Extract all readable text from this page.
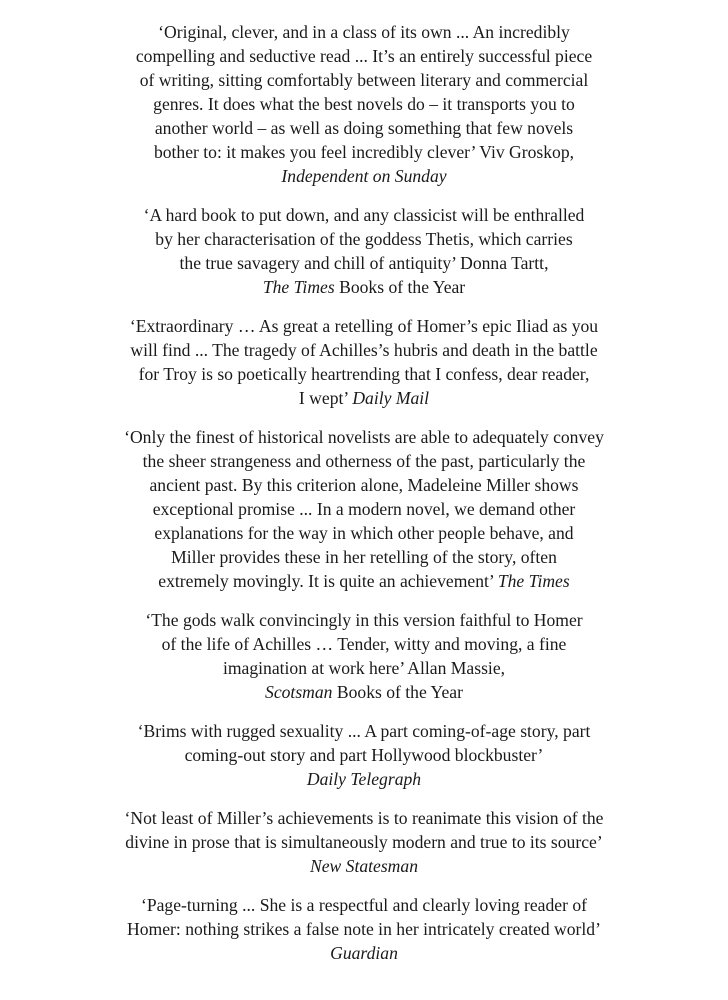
‘Original, clever, and in a class of its own ... An incredibly
compelling and seductive read ... It’s an entirely successful piece
of writing, sitting comfortably between literary and commercial
genres. It does what the best novels do – it transports you to
another world – as well as doing something that few novels
bother to: it makes you feel incredibly clever’ Viv Groskop,
Independent on Sunday
‘A hard book to put down, and any classicist will be enthralled
by her characterisation of the goddess Thetis, which carries
the true savagery and chill of antiquity’ Donna Tartt,
The Times Books of the Year
‘Extraordinary … As great a retelling of Homer’s epic Iliad as you
will find ... The tragedy of Achilles’s hubris and death in the battle
for Troy is so poetically heartrending that I confess, dear reader,
I wept’ Daily Mail
‘Only the finest of historical novelists are able to adequately convey
the sheer strangeness and otherness of the past, particularly the
ancient past. By this criterion alone, Madeleine Miller shows
exceptional promise ... In a modern novel, we demand other
explanations for the way in which other people behave, and
Miller provides these in her retelling of the story, often
extremely movingly. It is quite an achievement’ The Times
‘The gods walk convincingly in this version faithful to Homer
of the life of Achilles … Tender, witty and moving, a fine
imagination at work here’ Allan Massie,
Scotsman Books of the Year
‘Brims with rugged sexuality ... A part coming-of-age story, part
coming-out story and part Hollywood blockbuster’
Daily Telegraph
‘Not least of Miller’s achievements is to reanimate this vision of the
divine in prose that is simultaneously modern and true to its source’
New Statesman
‘Page-turning ... She is a respectful and clearly loving reader of
Homer: nothing strikes a false note in her intricately created world’
Guardian
